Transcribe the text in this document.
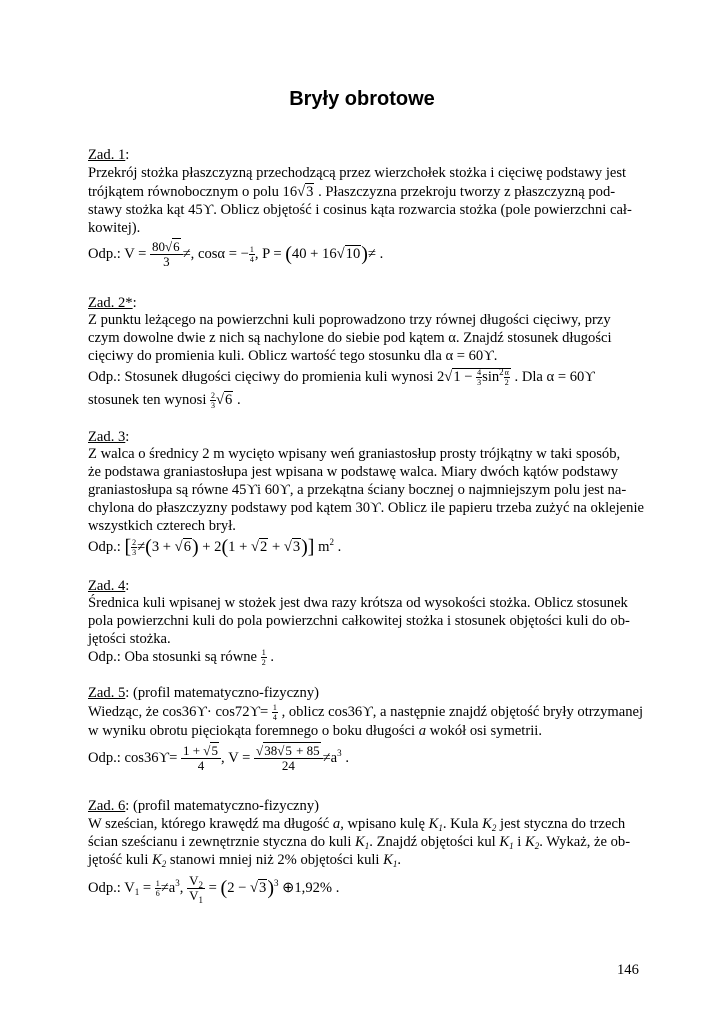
Bryły obrotowe
Zad. 1:
Przekrój stożka płaszczyzną przechodzącą przez wierzchołek stożka i cięciwę podstawy jest
trójkątem równobocznym o polu 16√3 . Płaszczyzna przekroju tworzy z płaszczyzną pod-
stawy stożka kąt 45ϒ. Oblicz objętość i cosinus kąta rozwarcia stożka (pole powierzchni cał-
kowitej).
Odp.: $V = \frac{80√6}{3}$ ≠, cosα = − $\frac{1}{4}$ , P = (40 + 16√10)≠ .
Zad. 2*:
Z punktu leżącego na powierzchni kuli poprowadzono trzy równej długości cięciwy, przy
czym dowolne dwie z nich są nachylone do siebie pod kątem α. Znajdź stosunek długości
cięciwy do promienia kuli. Oblicz wartość tego stosunku dla α = 60ϒ.
Odp.: Stosunek długości cięciwy do promienia kuli wynosi $2√1 - \frac{4}{3} \sin^2 \frac{\alpha}{2}$ . Dla α = 60ϒ
stosunek ten wynosi $\frac{2}{3} √6$ .
Zad. 3:
Z walca o średnicy 2 m wycięto wpisany weń graniastosłup prosty trójkątny w taki sposób,
że podstawa graniastosłupa jest wpisana w podstawę walca. Miary dwóch kątów podstawy
graniastosłupa są równe 45ϒi 60ϒ, a przekątna ściany bocznej o najmniejszym polu jest na-
chylona do płaszczyzny podstawy pod kątem 30ϒ. Oblicz ile papieru trzeba zużyć na oklejenie
wszystkich czterech brył.
Odp.: [ $\frac{2}{3} \ne(3 + √6) + 2(1 + √2 + √3)$] $m^2$ .
Zad. 4:
Średnica kuli wpisanej w stożek jest dwa razy krótsza od wysokości stożka. Oblicz stosunek
pola powierzchni kuli do pola powierzchni całkowitej stożka i stosunek objętości kuli do ob-
jętości stożka.
Odp.: Oba stosunki są równe $\frac{1}{2}$ .
Zad. 5: (profil matematyczno-fizyczny)
Wiedząc, że $\cos 36ϒ\cdot \cos 72ϒ= \frac{1}{4}$ , oblicz cos36ϒ, a następnie znajdź objętość bryły otrzymanej
w wyniku obrotu pięciokąta foremnego o boku długości a wokół osi symetrii.
Odp.: $\cos 36ϒ= \frac{1 + √5}{4}$ , $V = \frac{√38√5 + 85}{24} \ne a^3$ .
Zad. 6: (profil matematyczno-fizyczny)
W sześcian, którego krawędź ma długość a, wpisano kulę $K_1$. Kula $K_2$ jest styczna do trzech
ścian sześcianu i zewnętrznie styczna do kuli $K_1$. Znajdź objętości kul $K_1$ i $K_2$. Wykaż, że ob-
jętość kuli $K_2$ stanowi mniej niż 2% objętości kuli $K_1$.
Odp.: $V_1 = \frac{1}{6} \ne a^3$, $\frac{V_2}{V_1} = (2 - √3)^3$ ⊕1,92% .
146
